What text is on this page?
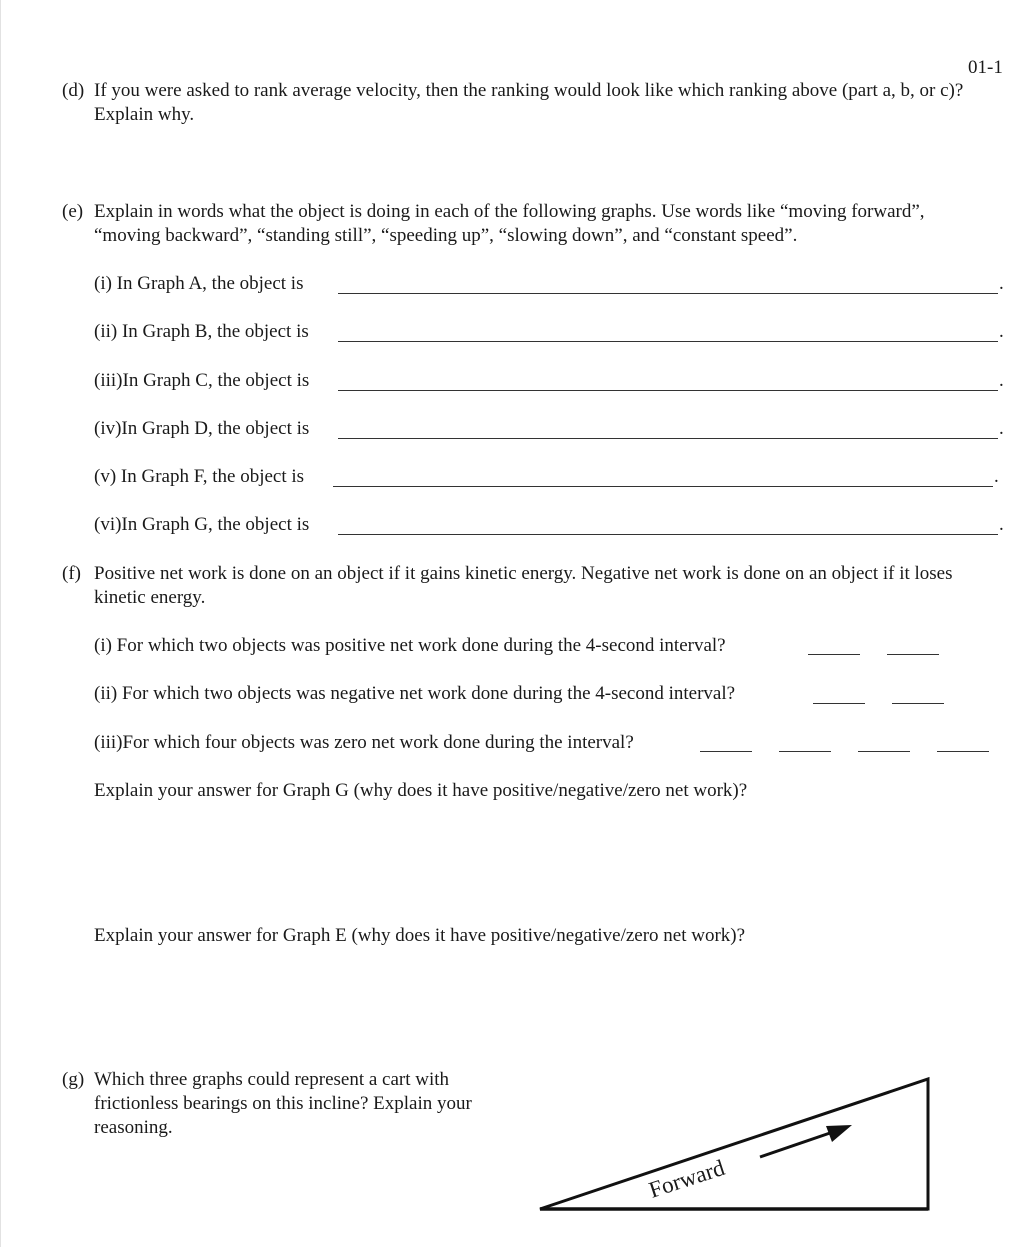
01-1
(d) If you were asked to rank average velocity, then the ranking would look like which ranking above (part a, b, or c)? Explain why.
(e) Explain in words what the object is doing in each of the following graphs. Use words like “moving forward”, “moving backward”, “standing still”, “speeding up”, “slowing down”, and “constant speed”.
(i) In Graph A, the object is	.
(ii) In Graph B, the object is	.
(iii)In Graph C, the object is	.
(iv)In Graph D, the object is	.
(v) In Graph F, the object is	.
(vi)In Graph G, the object is	.
(f) Positive net work is done on an object if it gains kinetic energy. Negative net work is done on an object if it loses kinetic energy.
(i) For which two objects was positive net work done during the 4-second interval?
(ii) For which two objects was negative net work done during the 4-second interval?
(iii)For which four objects was zero net work done during the interval?
Explain your answer for Graph G (why does it have positive/negative/zero net work)?
Explain your answer for Graph E (why does it have positive/negative/zero net work)?
(g) Which three graphs could represent a cart with frictionless bearings on this incline? Explain your reasoning.
Forward
